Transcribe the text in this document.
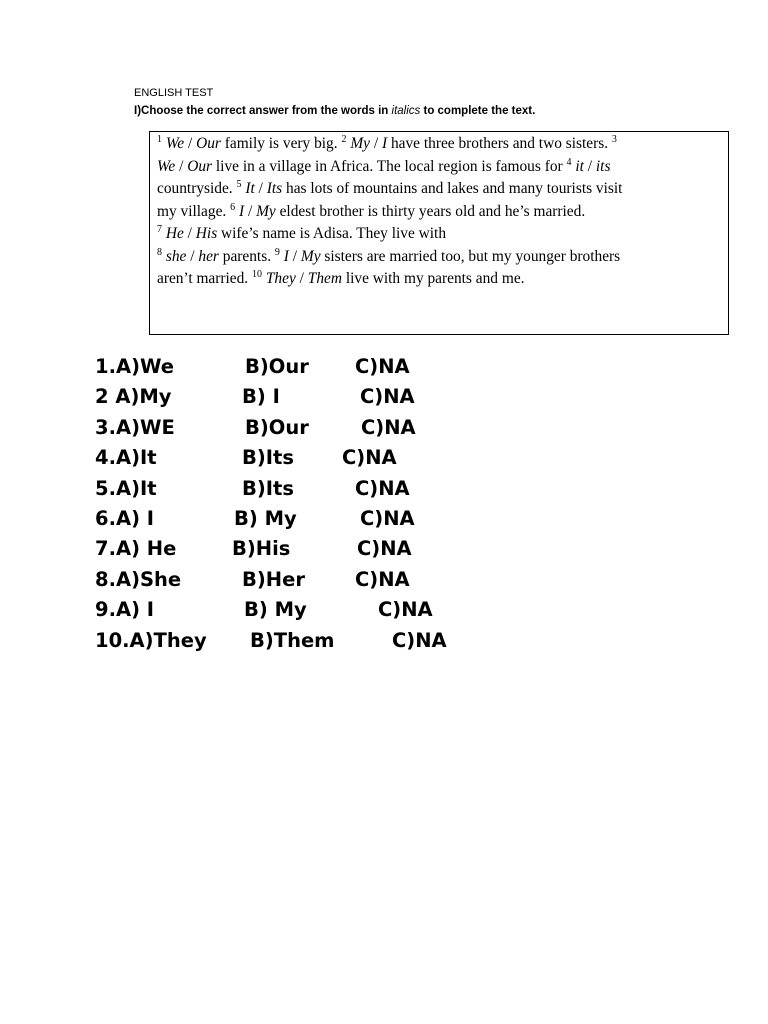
ENGLISH TEST
I)Choose the correct answer from the words in italics to complete the text.
$^1$ We / Our family is very big. $^2$ My / I have three brothers and two sisters. $^3$
We / Our live in a village in Africa. The local region is famous for $^4$ it / its
countryside. $^5$ It / Its has lots of mountains and lakes and many tourists visit
my village. $^6$ I / My eldest brother is thirty years old and he’s married.
$^7$ He / His wife’s name is Adisa. They live with
$^8$ she / her parents. $^9$ I / My sisters are married too, but my younger brothers
aren’t married. $^{10}$ They / Them live with my parents and me.
1.A)We	B)Our C)NA
2 A)My	B) I	C)NA
3.A)WE	B)Our	C)NA
4.A)It	B)Its C)NA
5.A)It	B)Its	C)NA
6.A) I	B) My	C)NA
7.A) He	B)His	C)NA
8.A)She	B)Her	C)NA
9.A) I	B) My	C)NA
10.A)They B)Them	C)NA
